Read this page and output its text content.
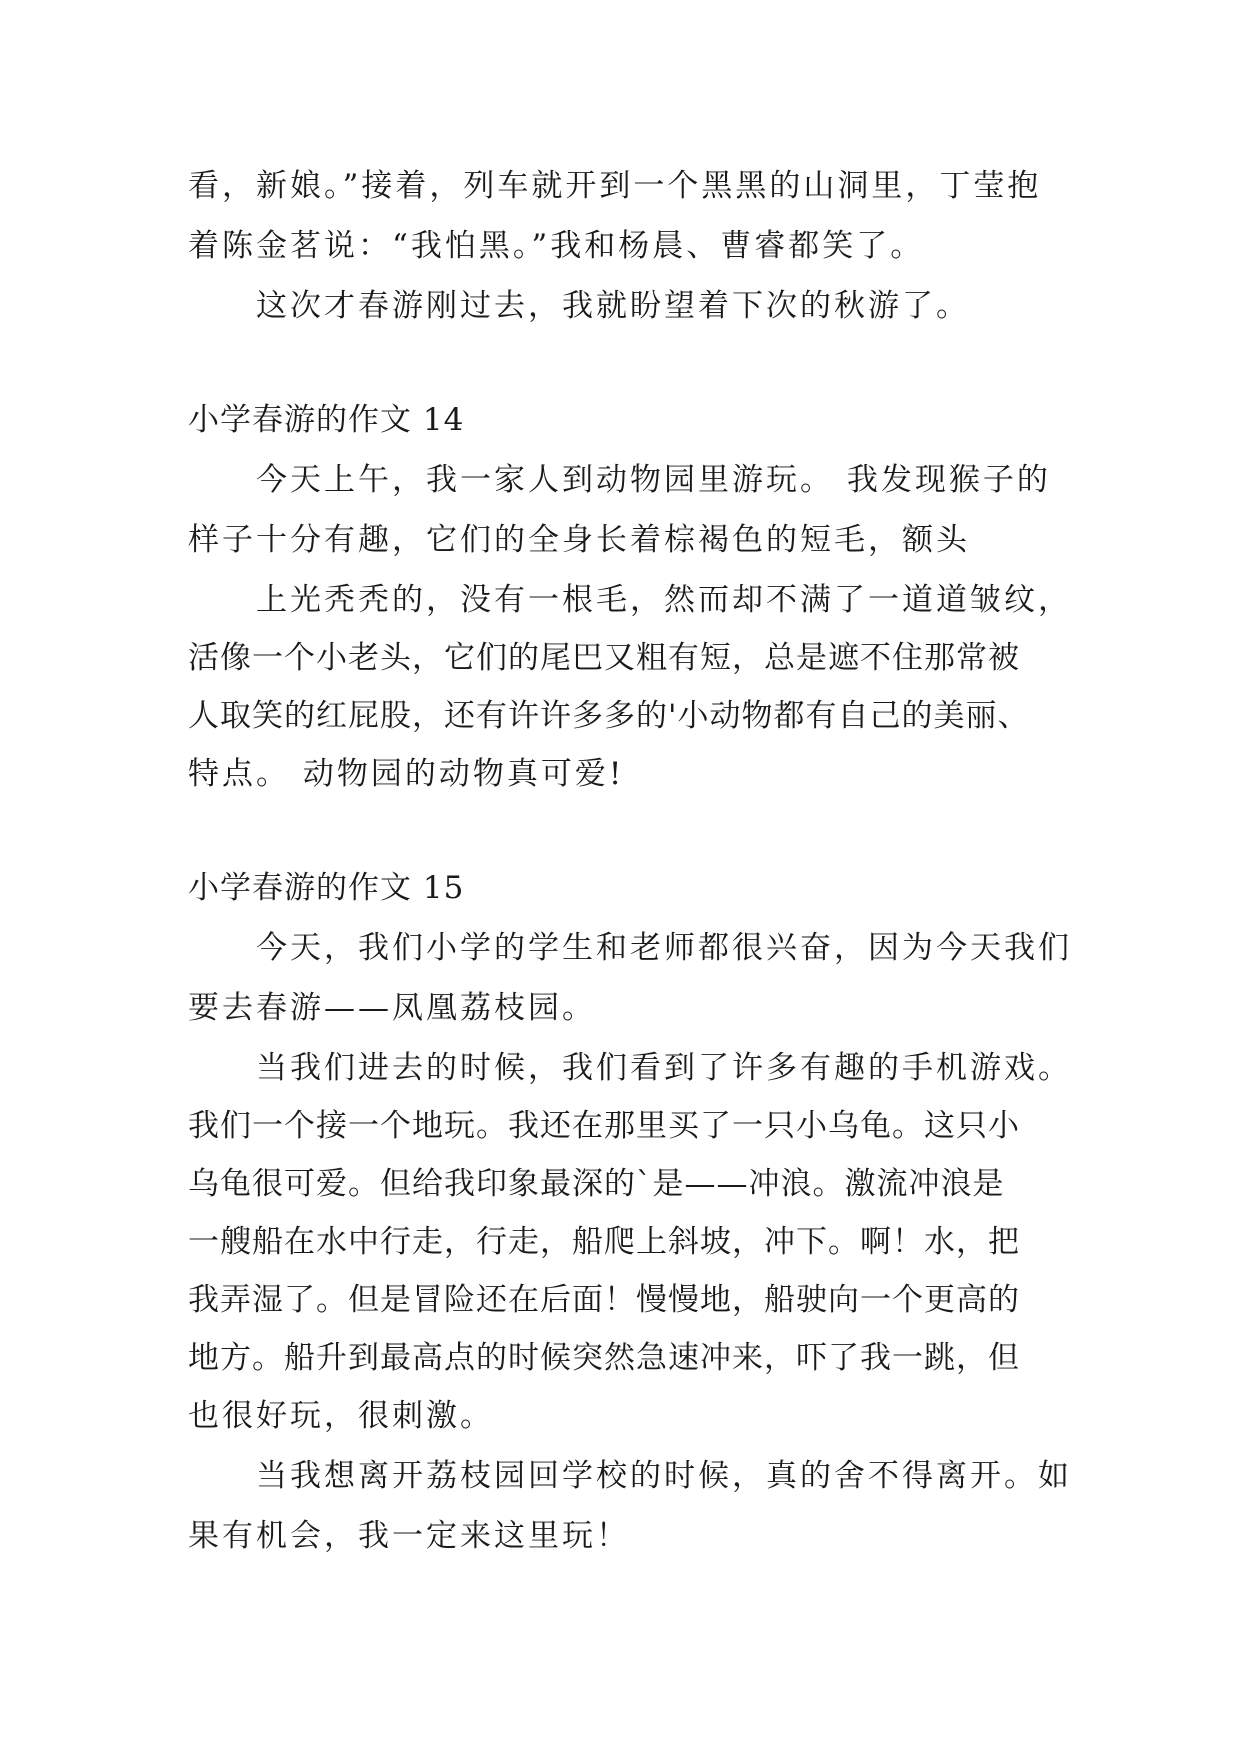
看，新娘。”接着，列车就开到一个黑黑的山洞里，丁莹抱
着陈金茗说：“我怕黑。”我和杨晨、曹睿都笑了。
这次才春游刚过去，我就盼望着下次的秋游了。
小学春游的作文 14
今天上午，我一家人到动物园里游玩。 我发现猴子的
样子十分有趣，它们的全身长着棕褐色的短毛，额头
上光秃秃的，没有一根毛，然而却不满了一道道皱纹，
活像一个小老头，它们的尾巴又粗有短，总是遮不住那常被
人取笑的红屁股，还有许许多多的'小动物都有自己的美丽、
特点。 动物园的动物真可爱!
小学春游的作文 15
今天，我们小学的学生和老师都很兴奋，因为今天我们
要去春游——凤凰荔枝园。
当我们进去的时候，我们看到了许多有趣的手机游戏。
我们一个接一个地玩。我还在那里买了一只小乌龟。这只小
乌龟很可爱。但给我印象最深的`是——冲浪。激流冲浪是
一艘船在水中行走，行走，船爬上斜坡，冲下。啊！水，把
我弄湿了。但是冒险还在后面！慢慢地，船驶向一个更高的
地方。船升到最高点的时候突然急速冲来，吓了我一跳，但
也很好玩，很刺激。
当我想离开荔枝园回学校的时候，真的舍不得离开。如
果有机会，我一定来这里玩！
